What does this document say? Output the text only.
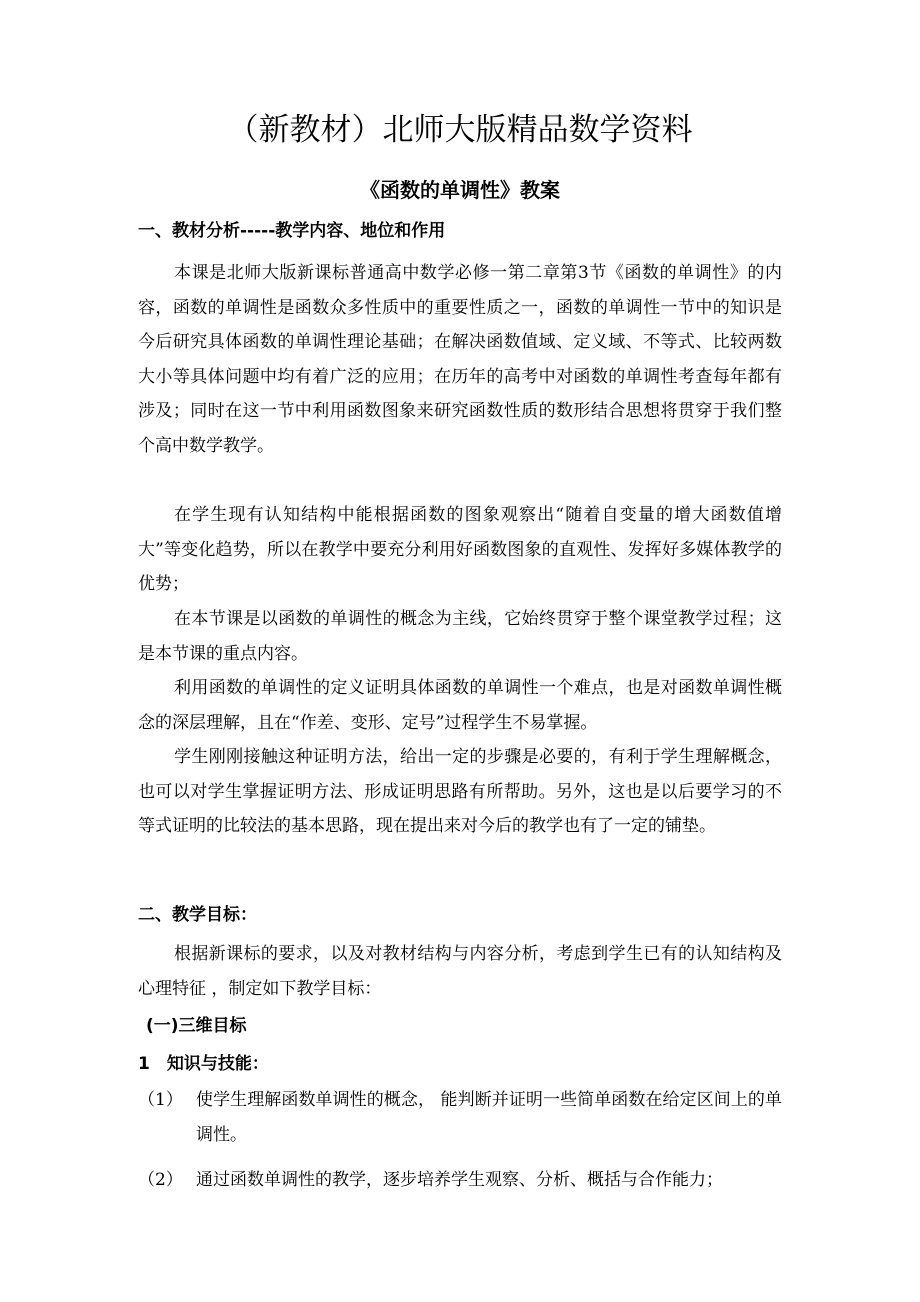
（新教材）北师大版精品数学资料
《函数的单调性》教案
一、教材分析-----教学内容、地位和作用

本课是北师大版新课标普通高中数学必修一第二章第3节《函数的单调性》的内容，函数的单调性是函数众多性质中的重要性质之一，函数的单调性一节中的知识是今后研究具体函数的单调性理论基础；在解决函数值域、定义域、不等式、比较两数大小等具体问题中均有着广泛的应用；在历年的高考中对函数的单调性考查每年都有涉及；同时在这一节中利用函数图象来研究函数性质的数形结合思想将贯穿于我们整个高中数学教学。

在学生现有认知结构中能根据函数的图象观察出“随着自变量的增大函数值增大”等变化趋势，所以在教学中要充分利用好函数图象的直观性、发挥好多媒体教学的优势；

在本节课是以函数的单调性的概念为主线，它始终贯穿于整个课堂教学过程；这是本节课的重点内容。

利用函数的单调性的定义证明具体函数的单调性一个难点，也是对函数单调性概念的深层理解，且在“作差、变形、定号”过程学生不易掌握。

学生刚刚接触这种证明方法，给出一定的步骤是必要的，有利于学生理解概念，也可以对学生掌握证明方法、形成证明思路有所帮助。另外，这也是以后要学习的不等式证明的比较法的基本思路，现在提出来对今后的教学也有了一定的铺垫。

二、教学目标：

根据新课标的要求，以及对教材结构与内容分析，考虑到学生已有的认知结构及心理特征 ，制定如下教学目标：

(一)三维目标
1　知识与技能：
（1） 使学生理解函数单调性的概念， 能判断并证明一些简单函数在给定区间上的单调性。
（2） 通过函数单调性的教学，逐步培养学生观察、分析、概括与合作能力；
